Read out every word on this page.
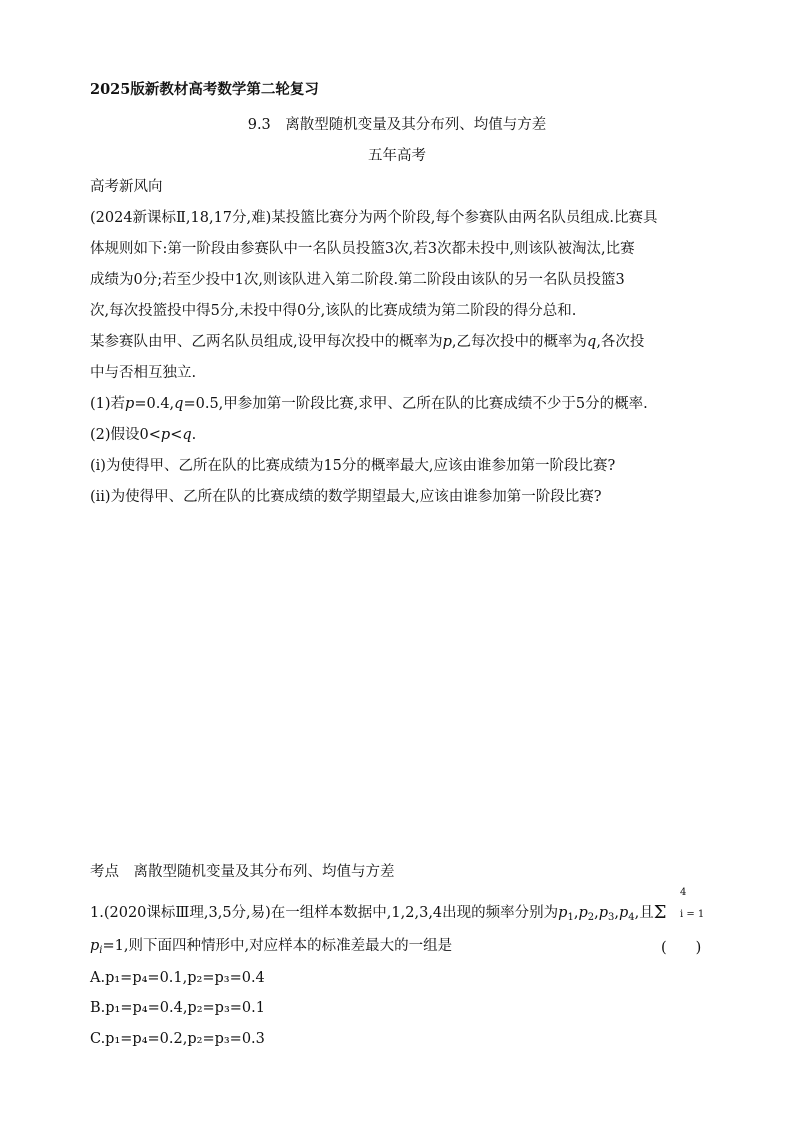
2025版新教材高考数学第二轮复习
9.3　离散型随机变量及其分布列、均值与方差
五年高考
高考新风向
(2024新课标Ⅱ,18,17分,难)某投篮比赛分为两个阶段,每个参赛队由两名队员组成.比赛具
体规则如下:第一阶段由参赛队中一名队员投篮3次,若3次都未投中,则该队被淘汰,比赛
成绩为0分;若至少投中1次,则该队进入第二阶段.第二阶段由该队的另一名队员投篮3
次,每次投篮投中得5分,未投中得0分,该队的比赛成绩为第二阶段的得分总和.
某参赛队由甲、乙两名队员组成,设甲每次投中的概率为p,乙每次投中的概率为q,各次投
中与否相互独立.
(1)若p=0.4,q=0.5,甲参加第一阶段比赛,求甲、乙所在队的比赛成绩不少于5分的概率.
(2)假设0<p<q.
(ⅰ)为使得甲、乙所在队的比赛成绩为15分的概率最大,应该由谁参加第一阶段比赛?
(ⅱ)为使得甲、乙所在队的比赛成绩的数学期望最大,应该由谁参加第一阶段比赛?
考点　离散型随机变量及其分布列、均值与方差
1.(2020课标Ⅲ理,3,5分,易)在一组样本数据中,1,2,3,4出现的频率分别为$p_1,p_2,p_3,p_4$,且Σ
4
i = 1
$p_i=1$,则下面四种情形中,对应样本的标准差最大的一组是	(　　)
A.p₁=p₄=0.1,p₂=p₃=0.4
B.p₁=p₄=0.4,p₂=p₃=0.1
C.p₁=p₄=0.2,p₂=p₃=0.3
